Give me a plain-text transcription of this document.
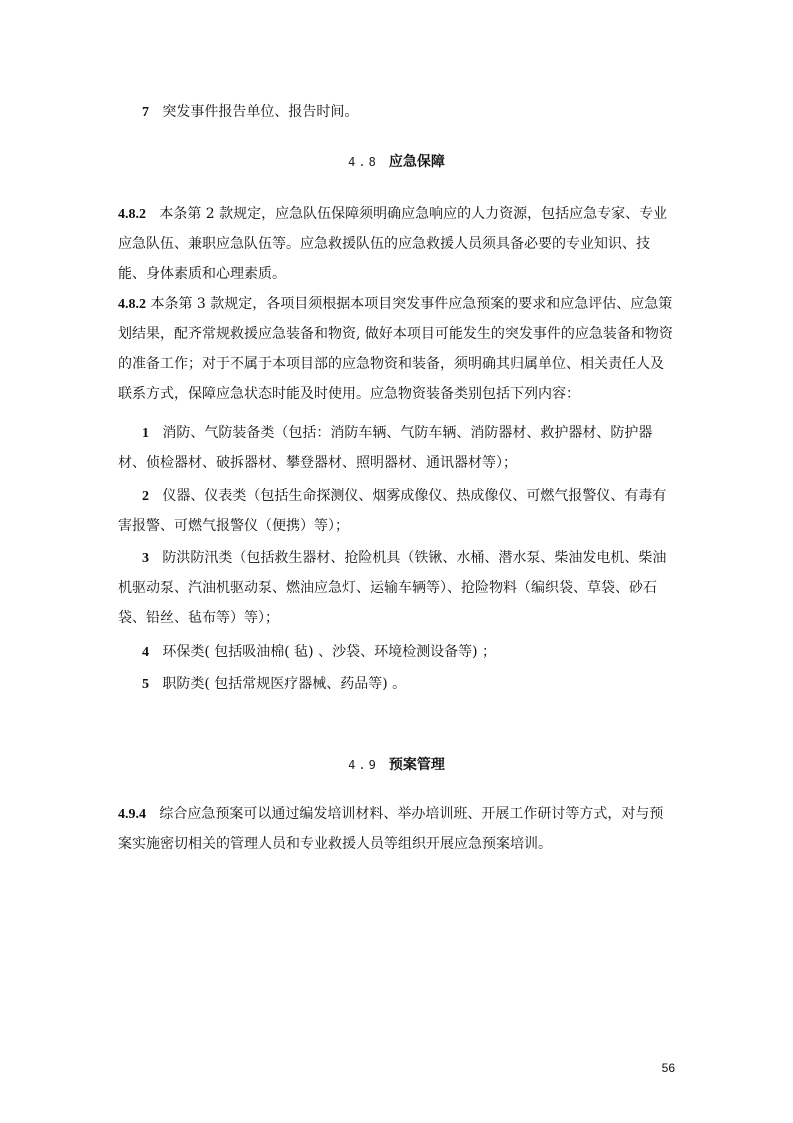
7 突发事件报告单位、报告时间。
4.8 应急保障
4.8.2 本条第 2 款规定，应急队伍保障须明确应急响应的人力资源，包括应急专家、专业
应急队伍、兼职应急队伍等。应急救援队伍的应急救援人员须具备必要的专业知识、技
能、身体素质和心理素质。
4.8.2 本条第 3 款规定，各项目须根据本项目突发事件应急预案的要求和应急评估、应急策
划结果，配齐常规救援应急装备和物资, 做好本项目可能发生的突发事件的应急装备和物资
的准备工作；对于不属于本项目部的应急物资和装备，须明确其归属单位、相关责任人及
联系方式，保障应急状态时能及时使用。应急物资装备类别包括下列内容：
1 消防、气防装备类（包括：消防车辆、气防车辆、消防器材、救护器材、防护器
材、侦检器材、破拆器材、攀登器材、照明器材、通讯器材等）；
2 仪器、仪表类（包括生命探测仪、烟雾成像仪、热成像仪、可燃气报警仪、有毒有
害报警、可燃气报警仪（便携）等）；
3 防洪防汛类（包括救生器材、抢险机具（铁锹、水桶、潜水泵、柴油发电机、柴油
机驱动泵、汽油机驱动泵、燃油应急灯、运输车辆等）、抢险物料（编织袋、草袋、砂石
袋、铅丝、毡布等）等）；
4 环保类( 包括吸油棉( 毡) 、沙袋、环境检测设备等) ；
5 职防类( 包括常规医疗器械、药品等) 。
4.9 预案管理
4.9.4 综合应急预案可以通过编发培训材料、举办培训班、开展工作研讨等方式，对与预
案实施密切相关的管理人员和专业救援人员等组织开展应急预案培训。
56
